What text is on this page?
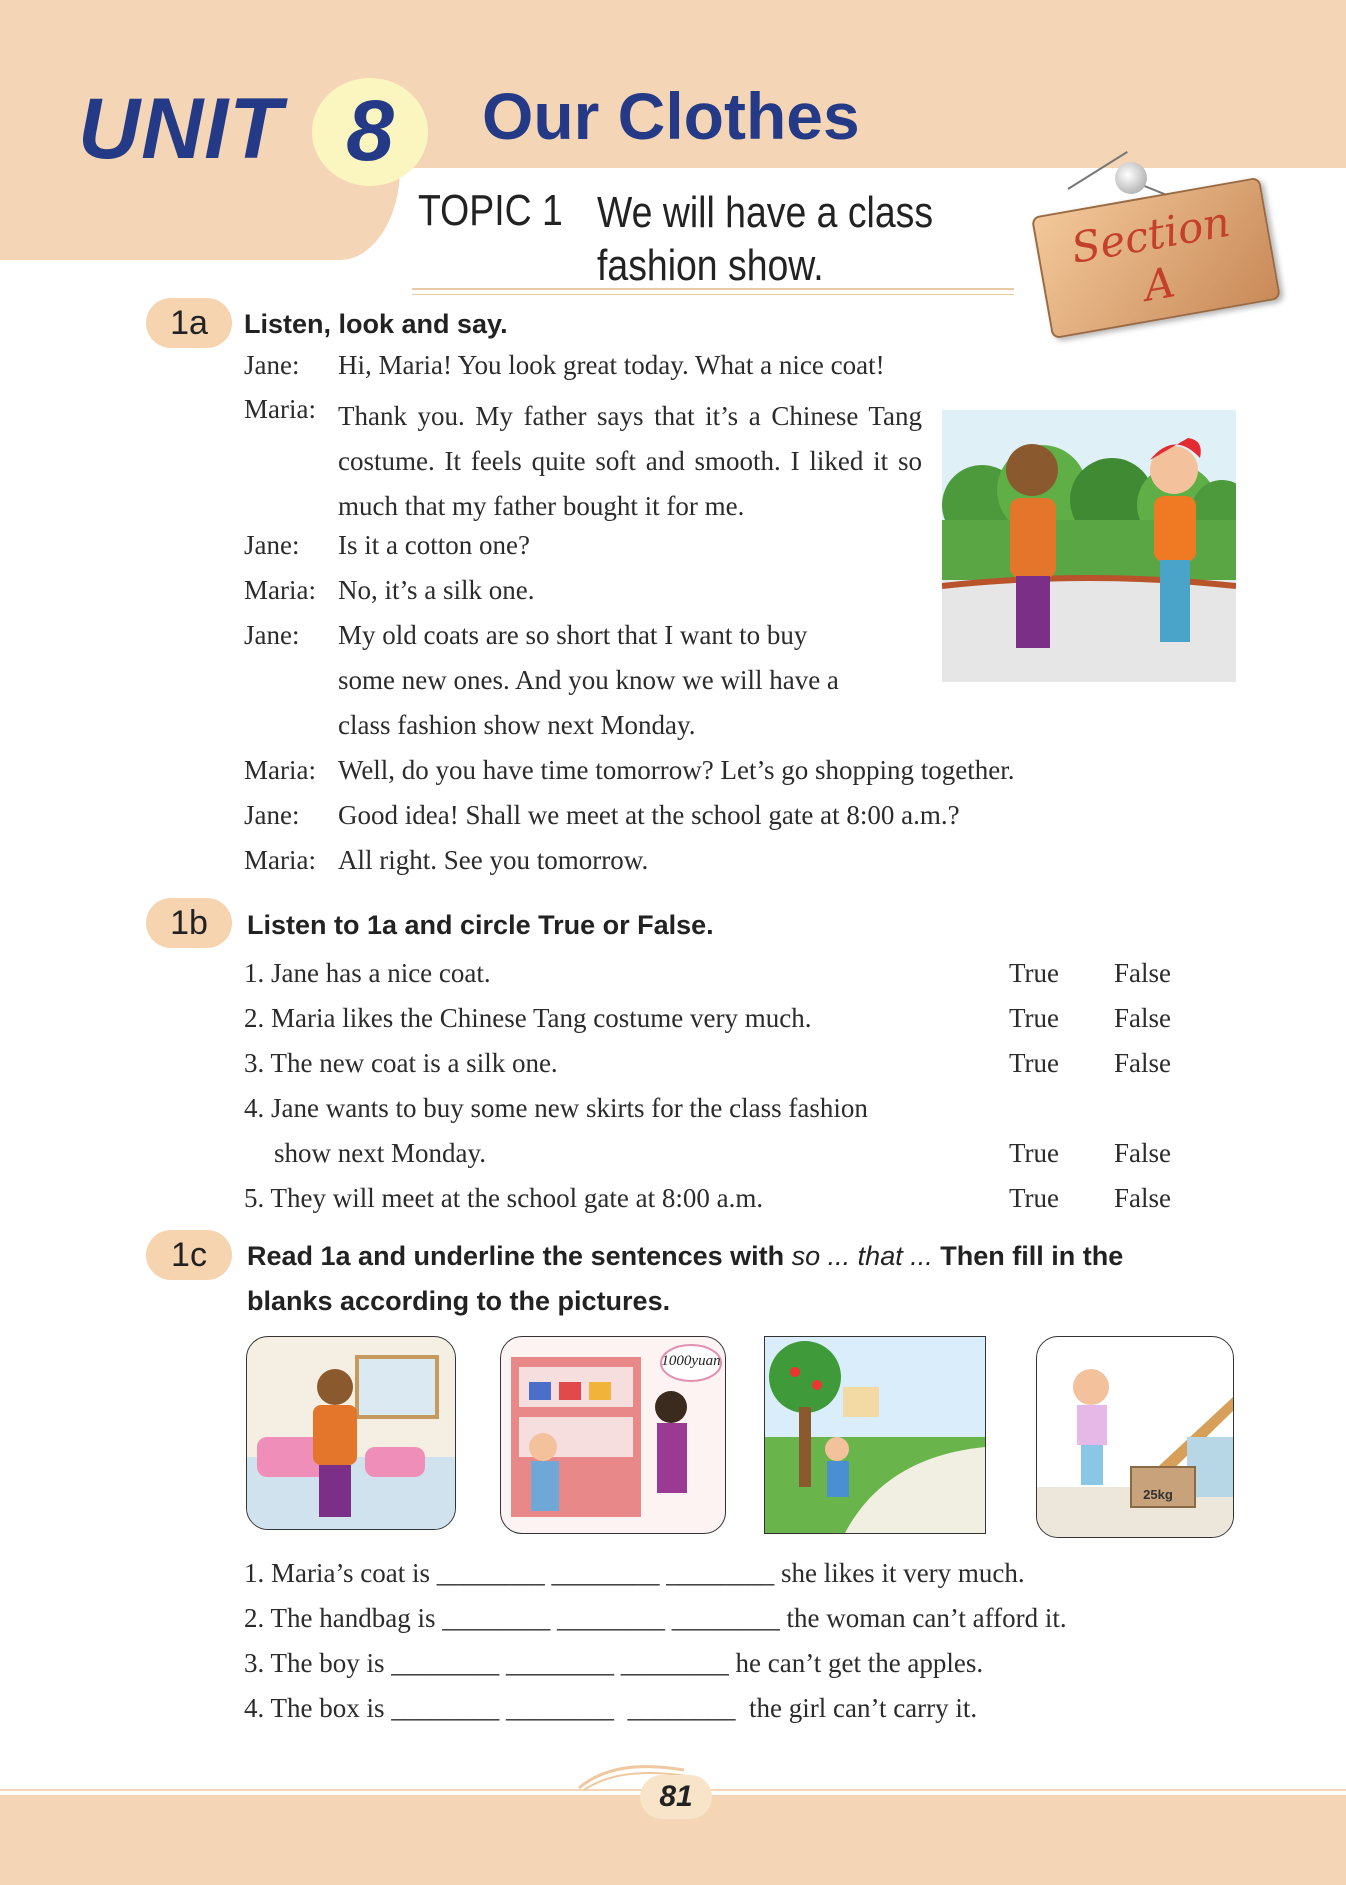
UNIT 8 Our Clothes
TOPIC 1 We will have a class fashion show.	Section A
1a	Listen, look and say.
Jane:	Hi, Maria! You look great today. What a nice coat!
Maria: Thank you. My father says that it’s a Chinese Tang costume. It feels quite soft and smooth. I liked it so much that my father bought it for me.
Jane:	Is it a cotton one?
Maria: No, it’s a silk one.
Jane:	My old coats are so short that I want to buy
some new ones. And you know we will have a
class fashion show next Monday.
Maria: Well, do you have time tomorrow? Let’s go shopping together.
Jane:	Good idea! Shall we meet at the school gate at 8:00 a.m.?
Maria: All right. See you tomorrow.
1b	Listen to 1a and circle True or False.
1. Jane has a nice coat.	True False
2. Maria likes the Chinese Tang costume very much.	True False
3. The new coat is a silk one.	True False
4. Jane wants to buy some new skirts for the class fashion
show next Monday.	True False
5. They will meet at the school gate at 8:00 a.m.	True False
1c	Read 1a and underline the sentences with so ... that ... Then fill in the
blanks according to the pictures.
1000yuan
25kg
1. Maria’s coat is ________ ________ ________ she likes it very much.
2. The handbag is ________ ________ ________ the woman can’t afford it.
3. The boy is ________ ________ ________ he can’t get the apples.
4. The box is ________ ________  ________  the girl can’t carry it.
81
